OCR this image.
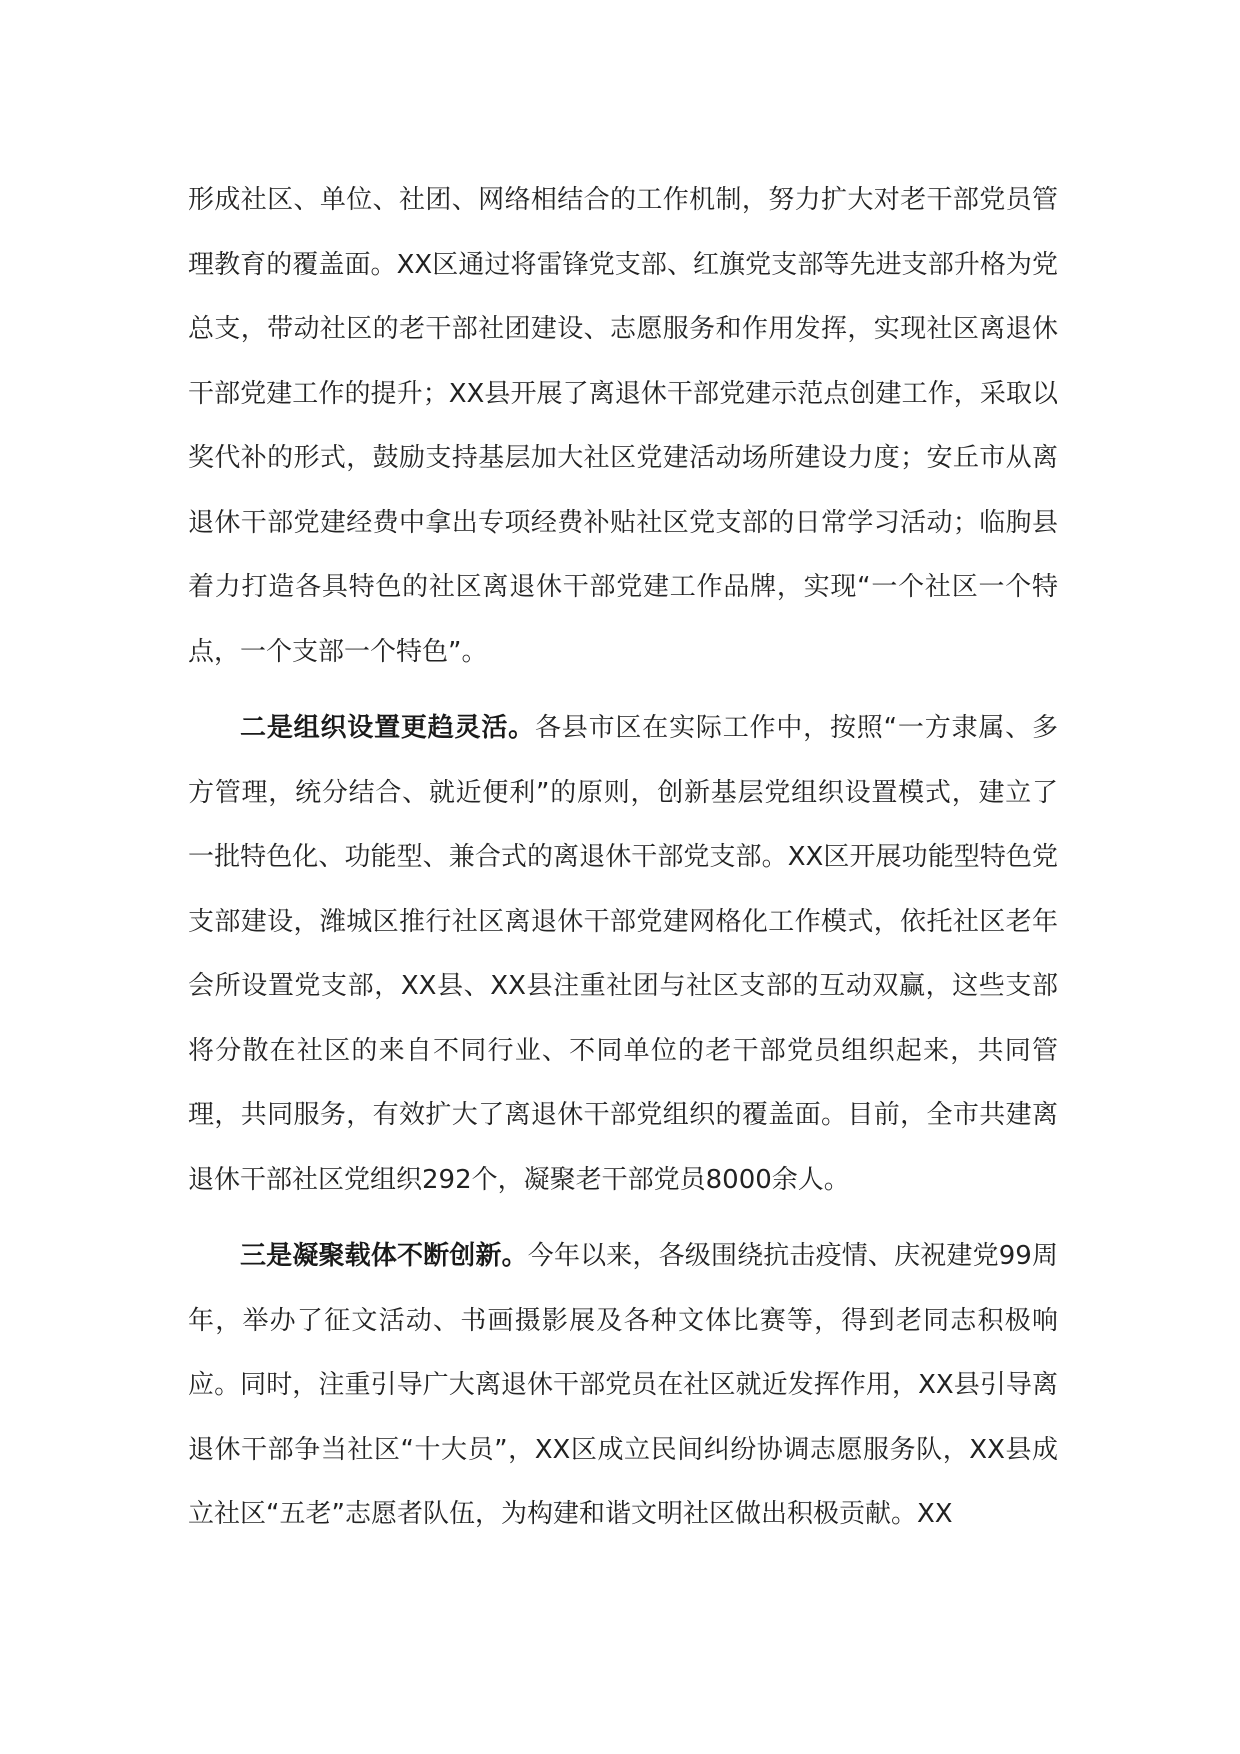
形成社区、单位、社团、网络相结合的工作机制，努力扩大对老干部党员管理教育的覆盖面。XX区通过将雷锋党支部、红旗党支部等先进支部升格为党总支，带动社区的老干部社团建设、志愿服务和作用发挥，实现社区离退休干部党建工作的提升；XX县开展了离退休干部党建示范点创建工作，采取以奖代补的形式，鼓励支持基层加大社区党建活动场所建设力度；安丘市从离退休干部党建经费中拿出专项经费补贴社区党支部的日常学习活动；临朐县着力打造各具特色的社区离退休干部党建工作品牌，实现“一个社区一个特点，一个支部一个特色”。

二是组织设置更趋灵活。各县市区在实际工作中，按照“一方隶属、多方管理，统分结合、就近便利”的原则，创新基层党组织设置模式，建立了一批特色化、功能型、兼合式的离退休干部党支部。XX区开展功能型特色党支部建设，潍城区推行社区离退休干部党建网格化工作模式，依托社区老年会所设置党支部，XX县、XX县注重社团与社区支部的互动双赢，这些支部将分散在社区的来自不同行业、不同单位的老干部党员组织起来，共同管理，共同服务，有效扩大了离退休干部党组织的覆盖面。目前，全市共建离退休干部社区党组织292个，凝聚老干部党员8000余人。

三是凝聚载体不断创新。今年以来，各级围绕抗击疫情、庆祝建党99周年，举办了征文活动、书画摄影展及各种文体比赛等，得到老同志积极响应。同时，注重引导广大离退休干部党员在社区就近发挥作用，XX县引导离退休干部争当社区“十大员”，XX区成立民间纠纷协调志愿服务队，XX县成立社区“五老”志愿者队伍，为构建和谐文明社区做出积极贡献。XX
